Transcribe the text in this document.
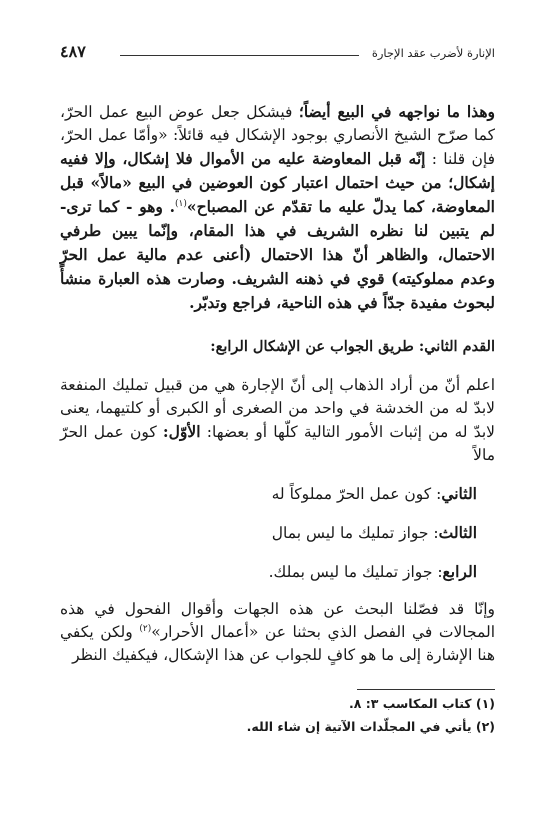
الإنارة لأضرب عقد الإجارة
٤٨٧

وهذا ما نواجهه في البيع أيضاً؛ فيشكل جعل عوض البيع عمل الحرّ، كما صرّح الشيخ الأنصاري بوجود الإشكال فيه قائلاً: «وأمّا عمل الحرّ، فإن قلنا : إنّه قبل المعاوضة عليه من الأموال فلا إشكال، وإلا ففيه إشكال؛ من حيث احتمال اعتبار كون العوضين في البيع «مالاً» قبل المعاوضة، كما يدلّ عليه ما تقدّم عن المصباح»$^{(١)}$. وهو - كما ترى- لم يتبين لنا نظره الشريف في هذا المقام، وإنّما يبين طرفي الاحتمال، والظاهر أنّ هذا الاحتمال (أعنى عدم مالية عمل الحرّ وعدم مملوكيته) قوي في ذهنه الشريف. وصارت هذه العبارة منشأً لبحوث مفيدة جدّاً في هذه الناحية، فراجع وتدبّر.

القدم الثاني: طريق الجواب عن الإشكال الرابع:

اعلم أنّ من أراد الذهاب إلى أنّ الإجارة هي من قبيل تمليك المنفعة لابدّ له من الخدشة في واحد من الصغرى أو الكبرى أو كلتيهما، يعنى لابدّ له من إثبات الأمور التالية كلّها أو بعضها: الأوّل: كون عمل الحرّ مالاً

الثاني: كون عمل الحرّ مملوكاً له
الثالث: جواز تمليك ما ليس بمال
الرابع: جواز تمليك ما ليس بملك.

وإنّا قد فصّلنا البحث عن هذه الجهات وأقوال الفحول في هذه المجالات في الفصل الذي بحثنا عن «أعمال الأحرار»$^{(٢)}$ ولكن يكفي هنا الإشارة إلى ما هو كافٍ للجواب عن هذا الإشكال، فيكفيك النظر

(١) كتاب المكاسب ٣: ٨.
(٢) يأتي في المجلّدات الآتية إن شاء الله.
